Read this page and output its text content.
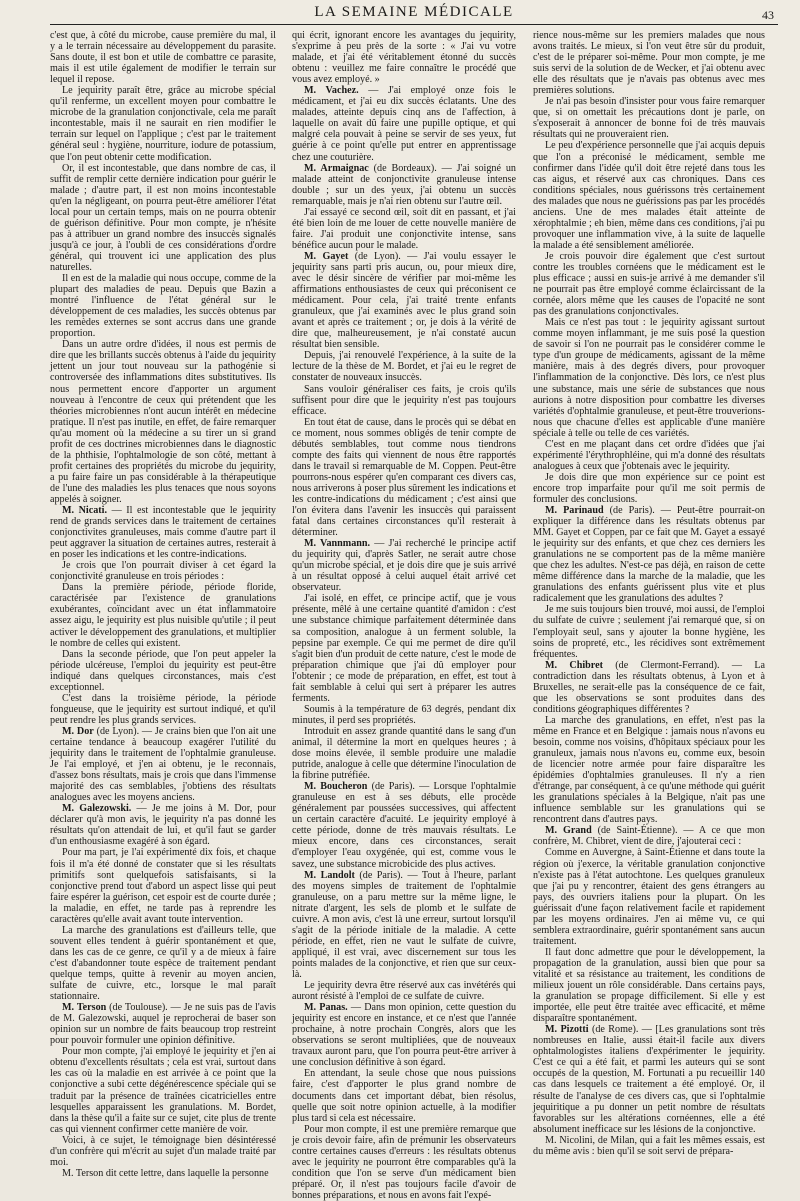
LA SEMAINE MÉDICALE	43

c'est que, à côté du microbe, cause première du mal, il y a le terrain nécessaire au développement du parasite. Sans doute, il est bon et utile de combattre ce parasite, mais il est utile également de modifier le terrain sur lequel il repose.

Le jequirity paraît être, grâce au microbe spécial qu'il renferme, un excellent moyen pour combattre le microbe de la granulation conjonctivale, cela me paraît incontestable, mais il ne saurait en rien modifier le terrain sur lequel on l'applique ; c'est par le traitement général seul : hygiène, nourriture, iodure de potassium, que l'on peut obtenir cette modification.

Or, il est incontestable, que dans nombre de cas, il suffit de remplir cette dernière indication pour guérir le malade ; d'autre part, il est non moins incontestable qu'en la négligeant, on pourra peut-être améliorer l'état local pour un certain temps, mais on ne pourra obtenir de guérison définitive. Pour mon compte, je n'hésite pas à attribuer un grand nombre des insuccès signalés jusqu'à ce jour, à l'oubli de ces considérations d'ordre général, qui trouvent ici une application des plus naturelles.

Il en est de la maladie qui nous occupe, comme de la plupart des maladies de peau. Depuis que Bazin a montré l'influence de l'état général sur le développement de ces maladies, les succès obtenus par les remèdes externes se sont accrus dans une grande proportion.

Dans un autre ordre d'idées, il nous est permis de dire que les brillants succès obtenus à l'aide du jequirity jettent un jour tout nouveau sur la pathogénie si controversée des inflammations dites substitutives. Ils nous permettent encore d'apporter un argument nouveau à l'encontre de ceux qui prétendent que les théories microbiennes n'ont aucun intérêt en médecine pratique. Il n'est pas inutile, en effet, de faire remarquer qu'au moment où la médecine a su tirer un si grand profit de ces doctrines microbiennes dans le diagnostic de la phthisie, l'ophtalmologie de son côté, mettant à profit certaines des propriétés du microbe du jequirity, a pu faire faire un pas considérable à la thérapeutique de l'une des maladies les plus tenaces que nous soyons appelés à soigner.

M. Nicati. — Il est incontestable que le jequirity rend de grands services dans le traitement de certaines conjonctivites granuleuses, mais comme d'autre part il peut aggraver la situation de certaines autres, resterait à en poser les indications et les contre-indications.

Je crois que l'on pourrait diviser à cet égard la conjonctivité granuleuse en trois périodes :

Dans la première période, période floride, caractérisée par l'existence de granulations exubérantes, coïncidant avec un état inflammatoire assez aigu, le jequirity est plus nuisible qu'utile ; il peut activer le développement des granulations, et multiplier le nombre de celles qui existent.

Dans la seconde période, que l'on peut appeler la période ulcéreuse, l'emploi du jequirity est peut-être indiqué dans quelques circonstances, mais c'est exceptionnel.

C'est dans la troisième période, la période fongueuse, que le jequirity est surtout indiqué, et qu'il peut rendre les plus grands services.

M. Dor (de Lyon). — Je crains bien que l'on ait une certaine tendance à beaucoup exagérer l'utilité du jequirity dans le traitement de l'ophtalmie granuleuse. Je l'ai employé, et j'en ai obtenu, je le reconnais, d'assez bons résultats, mais je crois que dans l'immense majorité des cas semblables, j'obtiens des résultats analogues avec les moyens anciens.

M. Galezowski. — Je me joins à M. Dor, pour déclarer qu'à mon avis, le jequirity n'a pas donné les résultats qu'on attendait de lui, et qu'il faut se garder d'un enthousiasme exagéré à son égard.

Pour ma part, je l'ai expérimenté dix fois, et chaque fois il m'a été donné de constater que si les résultats primitifs sont quelquefois satisfaisants, si la conjonctive prend tout d'abord un aspect lisse qui peut faire espérer la guérison, cet espoir est de courte durée ; la maladie, en effet, ne tarde pas à reprendre les caractères qu'elle avait avant toute intervention.

La marche des granulations est d'ailleurs telle, que souvent elles tendent à guérir spontanément et que, dans les cas de ce genre, ce qu'il y a de mieux à faire c'est d'abandonner toute espèce de traitement pendant quelque temps, quitte à revenir au moyen ancien, sulfate de cuivre, etc., lorsque le mal paraît stationnaire.

M. Terson (de Toulouse). — Je ne suis pas de l'avis de M. Galezowski, auquel je reprocherai de baser son opinion sur un nombre de faits beaucoup trop restreint pour pouvoir formuler une opinion définitive.

Pour mon compte, j'ai employé le jequirity et j'en ai obtenu d'excellents résultats ; cela est vrai, surtout dans les cas où la maladie en est arrivée à ce point que la conjonctive a subi cette dégénérescence spéciale qui se traduit par la présence de traînées cicatricielles entre lesquelles apparaissent les granulations. M. Bordet, dans la thèse qu'il a faite sur ce sujet, cite plus de trente cas qui viennent confirmer cette manière de voir.

Voici, à ce sujet, le témoignage bien désintéressé d'un confrère qui m'écrit au sujet d'un malade traité par moi.

M. Terson dit cette lettre, dans laquelle la personne

qui écrit, ignorant encore les avantages du jequirity, s'exprime à peu près de la sorte : « J'ai vu votre malade, et j'ai été véritablement étonné du succès obtenu : veuillez me faire connaître le procédé que vous avez employé. »

M. Vachez. — J'ai employé onze fois le médicament, et j'ai eu dix succès éclatants. Une des malades, atteinte depuis cinq ans de l'affection, à laquelle on avait dû faire une pupille optique, et qui malgré cela pouvait à peine se servir de ses yeux, fut guérie à ce point qu'elle put entrer en apprentissage chez une couturière.

M. Armaignac (de Bordeaux). — J'ai soigné un malade atteint de conjonctivite granuleuse intense double ; sur un des yeux, j'ai obtenu un succès remarquable, mais je n'ai rien obtenu sur l'autre œil.

J'ai essayé ce second œil, soit dit en passant, et j'ai été bien loin de me louer de cette nouvelle manière de faire. J'ai produit une conjonctivite intense, sans bénéfice aucun pour le malade.

M. Gayet (de Lyon). — J'ai voulu essayer le jequirity sans parti pris aucun, ou, pour mieux dire, avec le désir sincère de vérifier par moi-même les affirmations enthousiastes de ceux qui préconisent ce médicament. Pour cela, j'ai traité trente enfants granuleux, que j'ai examinés avec le plus grand soin avant et après ce traitement ; or, je dois à la vérité de dire que, malheureusement, je n'ai constaté aucun résultat bien sensible.

Depuis, j'ai renouvelé l'expérience, à la suite de la lecture de la thèse de M. Bordet, et j'ai eu le regret de constater de nouveaux insuccès.

Sans vouloir généraliser ces faits, je crois qu'ils suffisent pour dire que le jequirity n'est pas toujours efficace.

En tout état de cause, dans le procès qui se débat en ce moment, nous sommes obligés de tenir compte de débutés semblables, tout comme nous tiendrons compte des faits qui viennent de nous être rapportés dans le travail si remarquable de M. Coppen. Peut-être pourrons-nous espérer qu'en comparant ces divers cas, nous arriverons à poser plus sûrement les indications et les contre-indications du médicament ; c'est ainsi que l'on évitera dans l'avenir les insuccès qui paraissent fatal dans certaines circonstances qu'il resterait à déterminer.

M. Vannmann. — J'ai recherché le principe actif du jequirity qui, d'après Satler, ne serait autre chose qu'un microbe spécial, et je dois dire que je suis arrivé à un résultat opposé à celui auquel était arrivé cet observateur.

J'ai isolé, en effet, ce principe actif, que je vous présente, mêlé à une certaine quantité d'amidon : c'est une substance chimique parfaitement déterminée dans sa composition, analogue à un ferment soluble, la pepsine par exemple. Ce qui me permet de dire qu'il s'agit bien d'un produit de cette nature, c'est le mode de préparation chimique que j'ai dû employer pour l'obtenir ; ce mode de préparation, en effet, est tout à fait semblable à celui qui sert à préparer les autres ferments.

Soumis à la température de 63 degrés, pendant dix minutes, il perd ses propriétés.

Introduit en assez grande quantité dans le sang d'un animal, il détermine la mort en quelques heures ; à dose moins élevée, il semble produire une maladie putride, analogue à celle que détermine l'inoculation de la fibrine putréfiée.

M. Boucheron (de Paris). — Lorsque l'ophtalmie granuleuse en est à ses débuts, elle procède généralement par poussées successives, qui affectent un certain caractère d'acuité. Le jequirity employé à cette période, donne de très mauvais résultats. Le mieux encore, dans ces circonstances, serait d'employer l'eau oxygénée, qui est, comme vous le savez, une substance microbicide des plus actives.

M. Landolt (de Paris). — Tout à l'heure, parlant des moyens simples de traitement de l'ophtalmie granuleuse, on a paru mettre sur la même ligne, le nitrate d'argent, les sels de plomb et le sulfate de cuivre. A mon avis, c'est là une erreur, surtout lorsqu'il s'agit de la période initiale de la maladie. A cette période, en effet, rien ne vaut le sulfate de cuivre, appliqué, il est vrai, avec discernement sur tous les points malades de la conjonctive, et rien que sur ceux-là.

Le jequirity devra être réservé aux cas invétérés qui auront résisté à l'emploi de ce sulfate de cuivre.

M. Panas. — Dans mon opinion, cette question du jequirity est encore en instance, et ce n'est que l'année prochaine, à notre prochain Congrès, alors que les observations se seront multipliées, que de nouveaux travaux auront paru, que l'on pourra peut-être arriver à une conclusion définitive à son égard.

En attendant, la seule chose que nous puissions faire, c'est d'apporter le plus grand nombre de documents dans cet important débat, bien résolus, quelle que soit notre opinion actuelle, à la modifier plus tard si cela est nécessaire.

Pour mon compte, il est une première remarque que je crois devoir faire, afin de prémunir les observateurs contre certaines causes d'erreurs : les résultats obtenus avec le jequirity ne pourront être comparables qu'à la condition que l'on se serve d'un médicament bien préparé. Or, il n'est pas toujours facile d'avoir de bonnes préparations, et nous en avons fait l'expé-

rience nous-même sur les premiers malades que nous avons traités. Le mieux, si l'on veut être sûr du produit, c'est de le préparer soi-même. Pour mon compte, je me suis servi de la solution de de Wecker, et j'ai obtenu avec elle des résultats que je n'avais pas obtenus avec mes premières solutions.

Je n'ai pas besoin d'insister pour vous faire remarquer que, si on omettait les précautions dont je parle, on s'exposerait à annoncer de bonne foi de très mauvais résultats qui ne prouveraient rien.

Le peu d'expérience personnelle que j'ai acquis depuis que l'on a préconisé le médicament, semble me confirmer dans l'idée qu'il doit être rejeté dans tous les cas aigus, et réservé aux cas chroniques. Dans ces conditions spéciales, nous guérissons très certainement des malades que nous ne guérissions pas par les procédés anciens. Une de mes malades était atteinte de xérophtalmie ; eh bien, même dans ces conditions, j'ai pu provoquer une inflammation vive, à la suite de laquelle la malade a été sensiblement améliorée.

Je crois pouvoir dire également que c'est surtout contre les troubles cornéens que le médicament est le plus efficace ; aussi en suis-je arrivé à me demander s'il ne pourrait pas être employé comme éclaircissant de la cornée, alors même que les causes de l'opacité ne sont pas des granulations conjonctivales.

Mais ce n'est pas tout : le jequirity agissant surtout comme moyen inflammant, je me suis posé la question de savoir si l'on ne pourrait pas le considérer comme le type d'un groupe de médicaments, agissant de la même manière, mais à des degrés divers, pour provoquer l'inflammation de la conjonctive. Dès lors, ce n'est plus une substance, mais une série de substances que nous aurions à notre disposition pour combattre les diverses variétés d'ophtalmie granuleuse, et peut-être trouverions-nous que chacune d'elles est applicable d'une manière spéciale à telle ou telle de ces variétés.

C'est en me plaçant dans cet ordre d'idées que j'ai expérimenté l'érythrophléine, qui m'a donné des résultats analogues à ceux que j'obtenais avec le jequirity.

Je dois dire que mon expérience sur ce point est encore trop imparfaite pour qu'il me soit permis de formuler des conclusions.

M. Parinaud (de Paris). — Peut-être pourrait-on expliquer la différence dans les résultats obtenus par MM. Gayet et Coppen, par ce fait que M. Gayet a essayé le jequirity sur des enfants, et que chez ces derniers les granulations ne se comportent pas de la même manière que chez les adultes. N'est-ce pas déjà, en raison de cette même différence dans la marche de la maladie, que les granulations des enfants guérissent plus vite et plus radicalement que les granulations des adultes ?

Je me suis toujours bien trouvé, moi aussi, de l'emploi du sulfate de cuivre ; seulement j'ai remarqué que, si on l'employait seul, sans y ajouter la bonne hygiène, les soins de propreté, etc., les récidives sont extrêmement fréquentes.

M. Chibret (de Clermont-Ferrand). — La contradiction dans les résultats obtenus, à Lyon et à Bruxelles, ne serait-elle pas la conséquence de ce fait, que les observations se sont produites dans des conditions géographiques différentes ?

La marche des granulations, en effet, n'est pas la même en France et en Belgique : jamais nous n'avons eu besoin, comme nos voisins, d'hôpitaux spéciaux pour les granuleux, jamais nous n'avons eu, comme eux, besoin de licencier notre armée pour faire disparaître les épidémies d'ophtalmies granuleuses. Il n'y a rien d'étrange, par conséquent, à ce qu'une méthode qui guérit les granulations spéciales à la Belgique, n'ait pas une influence semblable sur les granulations qui se rencontrent dans d'autres pays.

M. Grand (de Saint-Étienne). — A ce que mon confrère, M. Chibret, vient de dire, j'ajouterai ceci :

Comme en Auvergne, à Saint-Étienne et dans toute la région où j'exerce, la véritable granulation conjonctive n'existe pas à l'état autochtone. Les quelques granuleux que j'ai pu y rencontrer, étaient des gens étrangers au pays, des ouvriers italiens pour la plupart. On les guérissait d'une façon relativement facile et rapidement par les moyens ordinaires. J'en ai même vu, ce qui semblera extraordinaire, guérir spontanément sans aucun traitement.

Il faut donc admettre que pour le développement, la propagation de la granulation, aussi bien que pour sa vitalité et sa résistance au traitement, les conditions de milieux jouent un rôle considérable. Dans certains pays, la granulation se propage difficilement. Si elle y est importée, elle peut être traitée avec efficacité, et même disparaître spontanément.

M. Pizotti (de Rome). — [Les granulations sont très nombreuses en Italie, aussi était-il facile aux divers ophtalmologistes italiens d'expérimenter le jequirity. C'est ce qui a été fait, et parmi les auteurs qui se sont occupés de la question, M. Fortunati a pu recueillir 140 cas dans lesquels ce traitement a été employé. Or, il résulte de l'analyse de ces divers cas, que si l'ophtalmie jequiritique a pu donner un petit nombre de résultats favorables sur les altérations cornéennes, elle a été absolument inefficace sur les lésions de la conjonctive.

M. Nicolini, de Milan, qui a fait les mêmes essais, est du même avis : bien qu'il se soit servi de prépara-
